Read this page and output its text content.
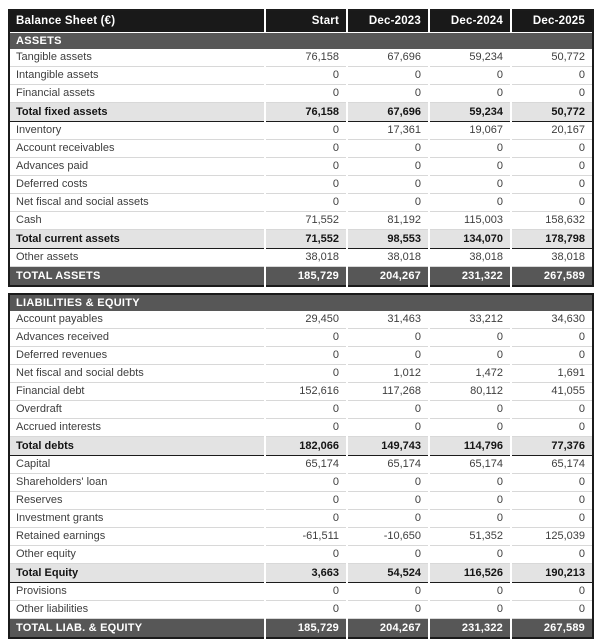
Balance Sheet (€)	Start	Dec-2023	Dec-2024	Dec-2025
ASSETS				
Tangible assets	76,158	67,696	59,234	50,772
Intangible assets	0	0	0	0
Financial assets	0	0	0	0
Total fixed assets	76,158	67,696	59,234	50,772
Inventory	0	17,361	19,067	20,167
Account receivables	0	0	0	0
Advances paid	0	0	0	0
Deferred costs	0	0	0	0
Net fiscal and social assets	0	0	0	0
Cash	71,552	81,192	115,003	158,632
Total current assets	71,552	98,553	134,070	178,798
Other assets	38,018	38,018	38,018	38,018
TOTAL ASSETS	185,729	204,267	231,322	267,589
LIABILITIES & EQUITY				
Account payables	29,450	31,463	33,212	34,630
Advances received	0	0	0	0
Deferred revenues	0	0	0	0
Net fiscal and social debts	0	1,012	1,472	1,691
Financial debt	152,616	117,268	80,112	41,055
Overdraft	0	0	0	0
Accrued interests	0	0	0	0
Total debts	182,066	149,743	114,796	77,376
Capital	65,174	65,174	65,174	65,174
Shareholders' loan	0	0	0	0
Reserves	0	0	0	0
Investment grants	0	0	0	0
Retained earnings	-61,511	-10,650	51,352	125,039
Other equity	0	0	0	0
Total Equity	3,663	54,524	116,526	190,213
Provisions	0	0	0	0
Other liabilities	0	0	0	0
TOTAL LIAB. & EQUITY	185,729	204,267	231,322	267,589
